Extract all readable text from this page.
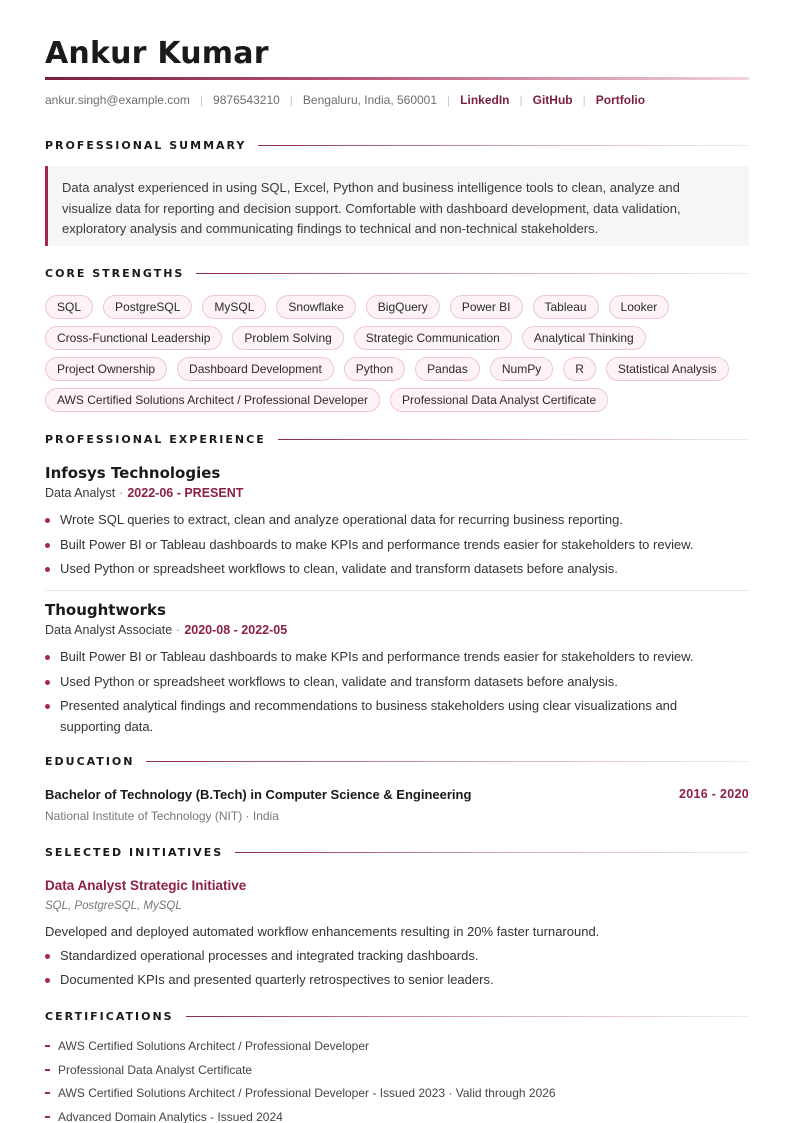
Ankur Kumar
ankur.singh@example.com | 9876543210 | Bengaluru, India, 560001 | LinkedIn | GitHub | Portfolio
PROFESSIONAL SUMMARY
Data analyst experienced in using SQL, Excel, Python and business intelligence tools to clean, analyze and
visualize data for reporting and decision support. Comfortable with dashboard development, data validation,
exploratory analysis and communicating findings to technical and non-technical stakeholders.
CORE STRENGTHS
SQL	PostgreSQL	MySQL	Snowflake	BigQuery	Power BI	Tableau	Looker
Cross-Functional Leadership	Problem Solving	Strategic Communication	Analytical Thinking
Project Ownership	Dashboard Development	Python	Pandas	NumPy	R	Statistical Analysis
AWS Certified Solutions Architect / Professional Developer	Professional Data Analyst Certificate
PROFESSIONAL EXPERIENCE
Infosys Technologies
Data Analyst · 2022-06 - PRESENT
Wrote SQL queries to extract, clean and analyze operational data for recurring business reporting.
Built Power BI or Tableau dashboards to make KPIs and performance trends easier for stakeholders to review.
Used Python or spreadsheet workflows to clean, validate and transform datasets before analysis.
Thoughtworks
Data Analyst Associate · 2020-08 - 2022-05
Built Power BI or Tableau dashboards to make KPIs and performance trends easier for stakeholders to review.
Used Python or spreadsheet workflows to clean, validate and transform datasets before analysis.
Presented analytical findings and recommendations to business stakeholders using clear visualizations and
supporting data.
EDUCATION
Bachelor of Technology (B.Tech) in Computer Science & Engineering	2016 - 2020
National Institute of Technology (NIT) · India
SELECTED INITIATIVES
Data Analyst Strategic Initiative
SQL, PostgreSQL, MySQL
Developed and deployed automated workflow enhancements resulting in 20% faster turnaround.
Standardized operational processes and integrated tracking dashboards.
Documented KPIs and presented quarterly retrospectives to senior leaders.
CERTIFICATIONS
AWS Certified Solutions Architect / Professional Developer
Professional Data Analyst Certificate
AWS Certified Solutions Architect / Professional Developer - Issued 2023 · Valid through 2026
Advanced Domain Analytics - Issued 2024
